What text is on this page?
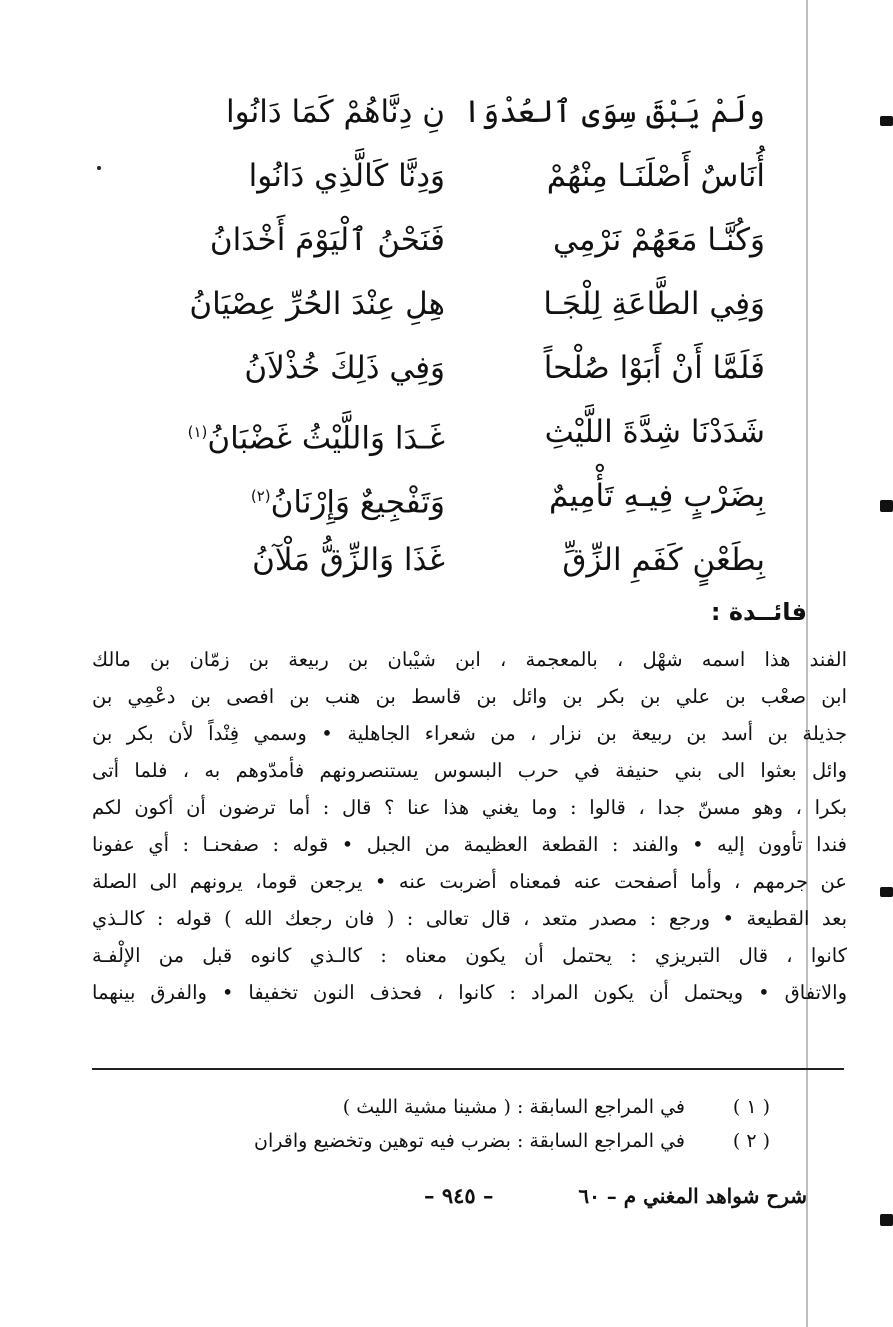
ولَمْ يَبْقَ سِوَى ٱلعُدْوَا
نِ دِنَّاهُمْ كَمَا دَانُوا
أُنَاسٌ أَصْلَنَـا مِنْهُمْ
وَدِنَّا كَالَّذِي دَانُوا
وَكُنَّـا مَعَهُمْ نَرْمِي
فَنَحْنُ ٱلْيَوْمَ أَخْدَانُ
وَفِي الطَّاعَةِ لِلْجَـا
هِلِ عِنْدَ الحُرِّ عِصْيَانُ
فَلَمَّا أَنْ أَبَوْا صُلْحاً
وَفِي ذَلِكَ خُذْلاَنُ
شَدَدْنَا شِدَّةَ اللَّيْثِ
غَـدَا وَاللَّيْثُ غَضْبَانُ$^{(١)}$
بِضَرْبٍ فِيـهِ تَأْمِيمٌ
وَتَفْجِيعٌ وَإِرْنَانُ$^{(٢)}$
بِطَعْنٍ كَفَمِ الزِّقِّ
غَذَا وَالزِّقُّ مَلْآنُ
فائــدة :
الفند هذا اسمه شهْل ، بالمعجمة ، ابن شيْبان بن ربيعة بن زمّان بن مالك
ابن صعْب بن علي بن بكر بن وائل بن قاسط بن هنب بن افصى بن دعْمِي بن
جذيلة بن أسد بن ربيعة بن نزار ، من شعراء الجاهلية • وسمي فِنْداً لأن بكر بن
وائل بعثوا الى بني حنيفة في حرب البسوس يستنصرونهم فأمدّوهم به ، فلما أتى
بكرا ، وهو مسنّ جدا ، قالوا : وما يغني هذا عنا ؟ قال : أما ترضون أن أكون لكم
فندا تأوون إليه • والفند : القطعة العظيمة من الجبل • قوله : صفحنـا : أي عفونا
عن جرمهم ، وأما أصفحت عنه فمعناه أضربت عنه • يرجعن قوما، يرونهم الى الصلة
بعد القطيعة • ورجع : مصدر متعد ، قال تعالى : ( فان رجعك الله ) قوله : كالـذي
كانوا ، قال التبريزي : يحتمل أن يكون معناه : كالـذي كانوه قبل من الإلْفـة
والاتفاق • ويحتمل أن يكون المراد : كانوا ، فحذف النون تخفيفا • والفرق بينهما
( ١ )
في المراجع السابقة : ( مشينا مشية الليث )
( ٢ )
في المراجع السابقة : بضرب فيه توهين وتخضيع واقران
شرح شواهد المغني م – ٦٠
– ٩٤٥ –
